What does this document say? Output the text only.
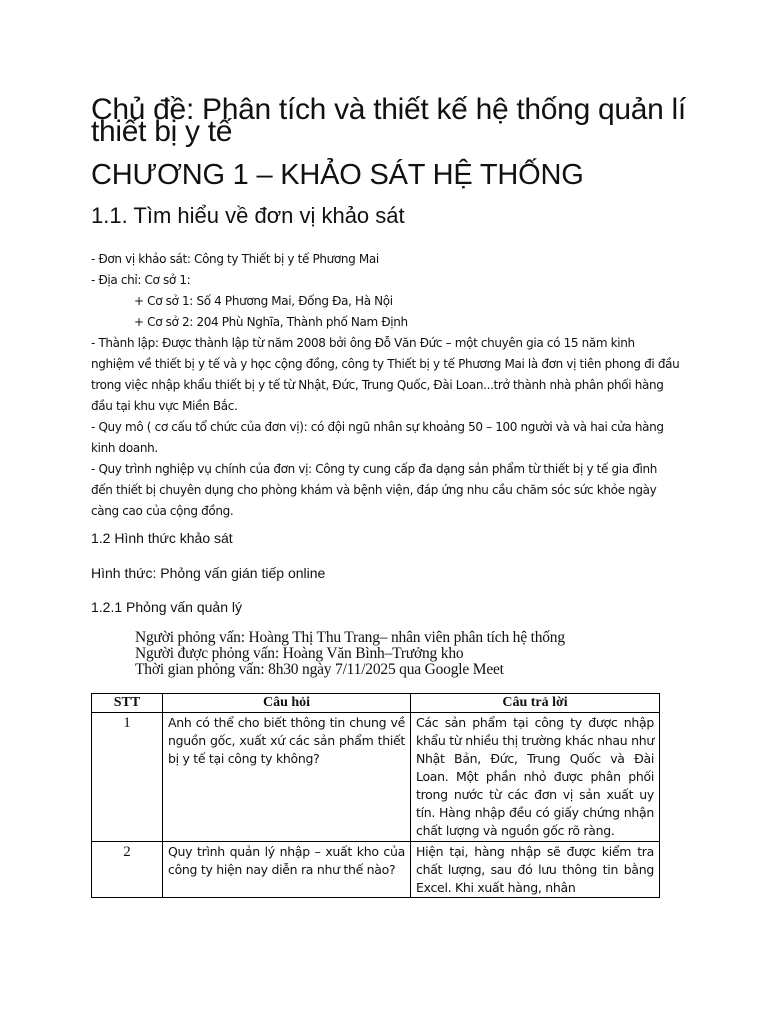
Chủ đề: Phân tích và thiết kế hệ thống quản lí thiết bị y tế
CHƯƠNG 1 – KHẢO SÁT HỆ THỐNG
1.1. Tìm hiểu về đơn vị khảo sát

- Đơn vị khảo sát: Công ty Thiết bị y tế Phương Mai

- Địa chỉ: Cơ sở 1:

+ Cơ sở 1: Số 4 Phương Mai, Đống Đa, Hà Nội

+ Cơ sở 2: 204 Phù Nghĩa, Thành phố Nam Định

- Thành lập: Được thành lập từ năm 2008 bởi ông Đỗ Văn Đức – một chuyên gia có 15 năm kinh nghiệm về thiết bị y tế và y học cộng đồng, công ty Thiết bị y tế Phương Mai là đơn vị tiên phong đi đầu trong việc nhập khẩu thiết bị y tế từ Nhật, Đức, Trung Quốc, Đài Loan...trở thành nhà phân phối hàng đầu tại khu vực Miền Bắc.

- Quy mô ( cơ cấu tổ chức của đơn vị): có đội ngũ nhân sự khoảng 50 – 100 người và và hai cửa hàng kinh doanh.

- Quy trình nghiệp vụ chính của đơn vị: Công ty cung cấp đa dạng sản phẩm từ thiết bị y tế gia đình đến thiết bị chuyên dụng cho phòng khám và bệnh viện, đáp ứng nhu cầu chăm sóc sức khỏe ngày càng cao của cộng đồng.

1.2 Hình thức khảo sát

Hình thức: Phỏng vấn gián tiếp online

1.2.1 Phỏng vấn quản lý

Người phỏng vấn: Hoàng Thị Thu Trang– nhân viên phân tích hệ thống

Người được phỏng vấn: Hoàng Văn Bình–Trưởng kho

Thời gian phỏng vấn: 8h30 ngày 7/11/2025 qua Google Meet

STT	Câu hỏi	Câu trả lời
1	Anh có thể cho biết thông tin chung về nguồn gốc, xuất xứ các sản phẩm thiết bị y tế tại công ty không?	Các sản phẩm tại công ty được nhập khẩu từ nhiều thị trường khác nhau như Nhật Bản, Đức, Trung Quốc và Đài Loan. Một phần nhỏ được phân phối trong nước từ các đơn vị sản xuất uy tín. Hàng nhập đều có giấy chứng nhận chất lượng và nguồn gốc rõ ràng.

2	Quy trình quản lý nhập – xuất kho của công ty hiện nay diễn ra như thế nào?	Hiện tại, hàng nhập sẽ được kiểm tra chất lượng, sau đó lưu thông tin bằng Excel. Khi xuất hàng, nhân
